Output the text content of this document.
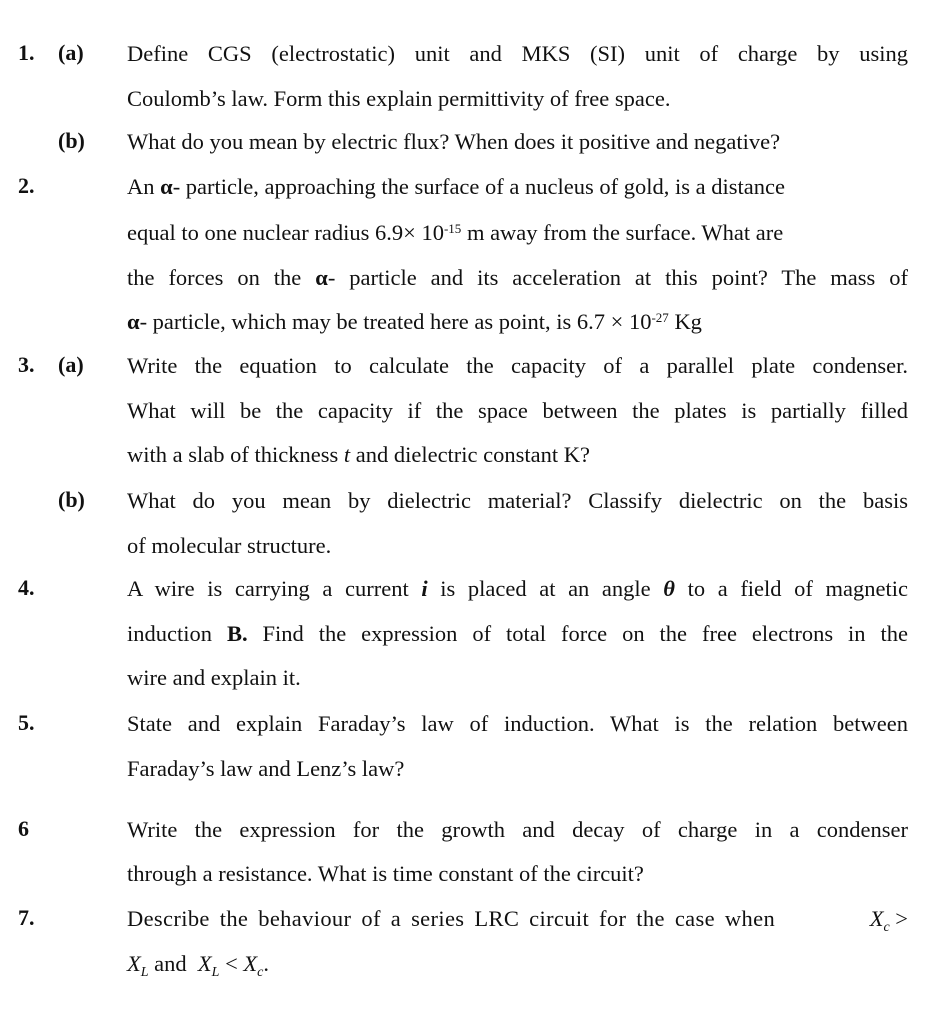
1. (a) Define CGS (electrostatic) unit and MKS (SI) unit of charge by using
Coulomb’s law. Form this explain permittivity of free space.
(b) What do you mean by electric flux? When does it positive and negative?
2.	An α- particle, approaching the surface of a nucleus of gold, is a distance
equal to one nuclear radius $6.9\times 10^{-15}$ m away from the surface. What are
the forces on the α- particle and its acceleration at this point? The mass of
α- particle, which may be treated here as point, is $6.7 \times 10^{-27}$ Kg
3. (a) Write the equation to calculate the capacity of a parallel plate condenser.
What will be the capacity if the space between the plates is partially filled
with a slab of thickness t and dielectric constant K?
(b) What do you mean by dielectric material? Classify dielectric on the basis
of molecular structure.
4.	A wire is carrying a current i is placed at an angle θ to a field of magnetic
induction B. Find the expression of total force on the free electrons in the
wire and explain it.
5.	State and explain Faraday’s law of induction. What is the relation between
Faraday’s law and Lenz’s law?
6	Write the expression for the growth and decay of charge in a condenser
through a resistance. What is time constant of the circuit?
7.	Describe the behaviour of a series LRC circuit for the case when	$X_c$ >
$X_L$ and  $X_L < X_c$.
